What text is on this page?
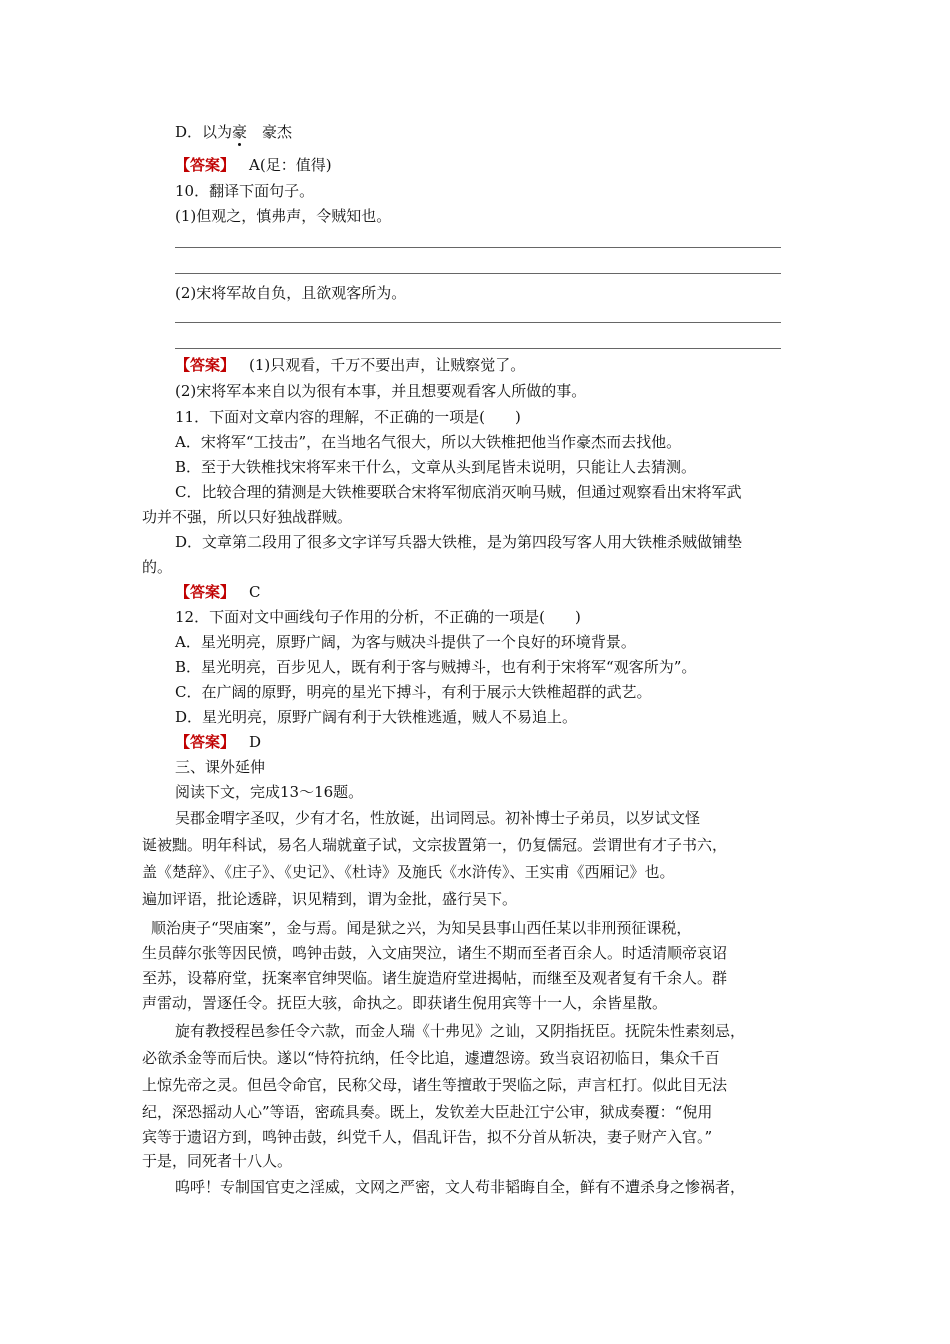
D．以为豪　豪杰
【答案】 A(足：值得)
10．翻译下面句子。
(1)但观之，慎弗声，令贼知也。
(2)宋将军故自负，且欲观客所为。
【答案】 (1)只观看，千万不要出声，让贼察觉了。
(2)宋将军本来自以为很有本事，并且想要观看客人所做的事。
11．下面对文章内容的理解，不正确的一项是(　　)
A．宋将军“工技击”，在当地名气很大，所以大铁椎把他当作豪杰而去找他。
B．至于大铁椎找宋将军来干什么，文章从头到尾皆未说明，只能让人去猜测。
C．比较合理的猜测是大铁椎要联合宋将军彻底消灭响马贼，但通过观察看出宋将军武
功并不强，所以只好独战群贼。
D．文章第二段用了很多文字详写兵器大铁椎，是为第四段写客人用大铁椎杀贼做铺垫
的。
【答案】 C
12．下面对文中画线句子作用的分析，不正确的一项是(　　)
A．星光明亮，原野广阔，为客与贼决斗提供了一个良好的环境背景。
B．星光明亮，百步见人，既有利于客与贼搏斗，也有利于宋将军“观客所为”。
C．在广阔的原野，明亮的星光下搏斗，有利于展示大铁椎超群的武艺。
D．星光明亮，原野广阔有利于大铁椎逃遁，贼人不易追上。
【答案】 D
三、课外延伸
阅读下文，完成13～16题。
吴郡金喟字圣叹，少有才名，性放诞，出词罔忌。初补博士子弟员，以岁试文怪
诞被黜。明年科试，易名人瑞就童子试，文宗拔置第一，仍复儒冠。尝谓世有才子书六，
盖《楚辞》、《庄子》、《史记》、《杜诗》及施氏《水浒传》、王实甫《西厢记》也。
遍加评语，批论透辟，识见精到，谓为金批，盛行吴下。
顺治庚子“哭庙案”，金与焉。闻是狱之兴，为知吴县事山西任某以非刑预征课税，
生员薛尔张等因民愤，鸣钟击鼓，入文庙哭泣，诸生不期而至者百余人。时适清顺帝哀诏
至苏，设幕府堂，抚案率官绅哭临。诸生旋造府堂进揭帖，而继至及观者复有千余人。群
声雷动，詈逐任令。抚臣大骇，命执之。即获诸生倪用宾等十一人，余皆星散。
旋有教授程邑参任令六款，而金人瑞《十弗见》之讪，又阴指抚臣。抚院朱性素刻忌，
必欲杀金等而后快。遂以“恃符抗纳，任令比追，遽遭怨谤。致当哀诏初临日，集众千百
上惊先帝之灵。但邑令命官，民称父母，诸生等擅敢于哭临之际，声言杠打。似此目无法
纪，深恐摇动人心”等语，密疏具奏。既上，发钦差大臣赴江宁公审，狱成奏覆：“倪用
宾等于遗诏方到，鸣钟击鼓，纠党千人，倡乱讦告，拟不分首从斩决，妻子财产入官。”
于是，同死者十八人。
呜呼！专制国官吏之淫威，文网之严密，文人苟非韬晦自全，鲜有不遭杀身之惨祸者，
